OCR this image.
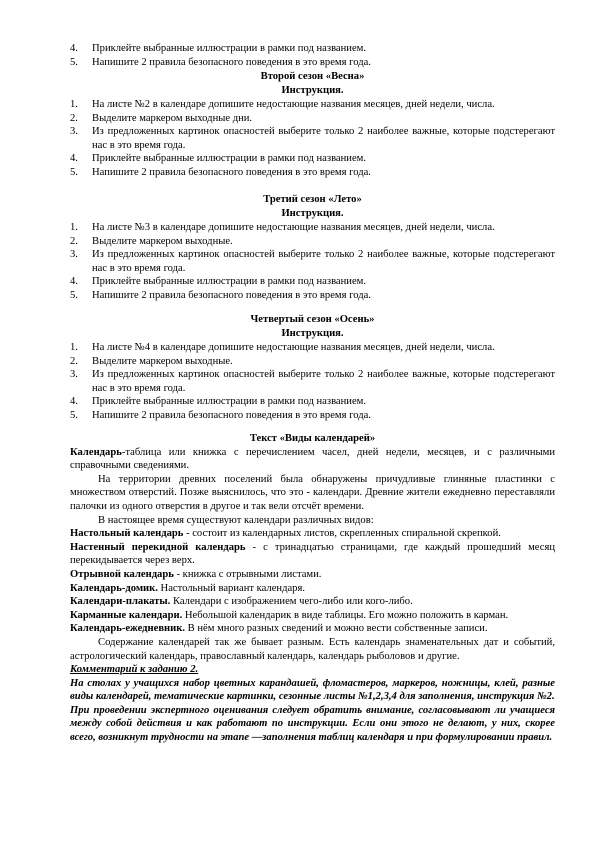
4. Приклейте выбранные иллюстрации в рамки под названием.
5. Напишите 2 правила безопасного поведения в это время года.
Второй сезон «Весна»
Инструкция.
1. На листе №2 в календаре допишите недостающие названия месяцев, дней недели, числа.
2. Выделите маркером выходные дни.
3. Из предложенных картинок опасностей выберите только 2 наиболее важные, которые подстерегают нас в это время года.
4. Приклейте выбранные иллюстрации в рамки под названием.
5. Напишите 2 правила безопасного поведения в это время года.
Третий сезон «Лето»
Инструкция.
1. На листе №3 в календаре допишите недостающие названия месяцев, дней недели, числа.
2. Выделите маркером выходные.
3. Из предложенных картинок опасностей выберите только 2 наиболее важные, которые подстерегают нас в это время года.
4. Приклейте выбранные иллюстрации в рамки под названием.
5. Напишите 2 правила безопасного поведения в это время года.
Четвертый сезон «Осень»
Инструкция.
1. На листе №4 в календаре допишите недостающие названия месяцев, дней недели, числа.
2. Выделите маркером выходные.
3. Из предложенных картинок опасностей выберите только 2 наиболее важные, которые подстерегают нас в это время года.
4. Приклейте выбранные иллюстрации в рамки под названием.
5. Напишите 2 правила безопасного поведения в это время года.
Текст «Виды календарей»

Календарь-таблица или книжка с перечислением часел, дней недели, месяцев, и с различными справочными сведениями.

На территории древних поселений была обнаружены причудливые глиняные пластинки с множеством отверстий. Позже выяснилось, что это - календари. Древние жители ежедневно переставляли палочки из одного отверстия в другое и так вели отсчёт времени.

В настоящее время существуют календари различных видов:

Настольный календарь - состоит из календарных листов, скрепленных спиральной скрепкой.

Настенный перекидной календарь - с тринадцатью страницами, где каждый прошедший месяц перекидывается через верх.

Отрывной календарь - книжка с отрывными листами.

Календарь-домик. Настольный вариант календаря.

Календари-плакаты. Календари с изображением чего-либо или кого-либо.

Карманные календари. Небольшой календарик в виде таблицы. Его можно положить в карман.

Календарь-ежедневник. В нём много разных сведений и можно вести собственные записи.

Содержание календарей так же бывает разным. Есть календарь знаменательных дат и событий, астрологический календарь, православный календарь, календарь рыболовов и другие.

Комментарий к заданию 2.

На столах у учащихся набор цветных карандашей, фломастеров, маркеров, ножницы, клей, разные виды календарей, тематические картинки, сезонные листы №1,2,3,4 для заполнения, инструкция №2.

При проведении экспертного оценивания следует обратить внимание, согласовывают ли учащиеся между собой действия и как работают по инструкции. Если они этого не делают, у них, скорее всего, возникнут трудности на этапе —заполнения таблиц календаря и при формулировании правил.
